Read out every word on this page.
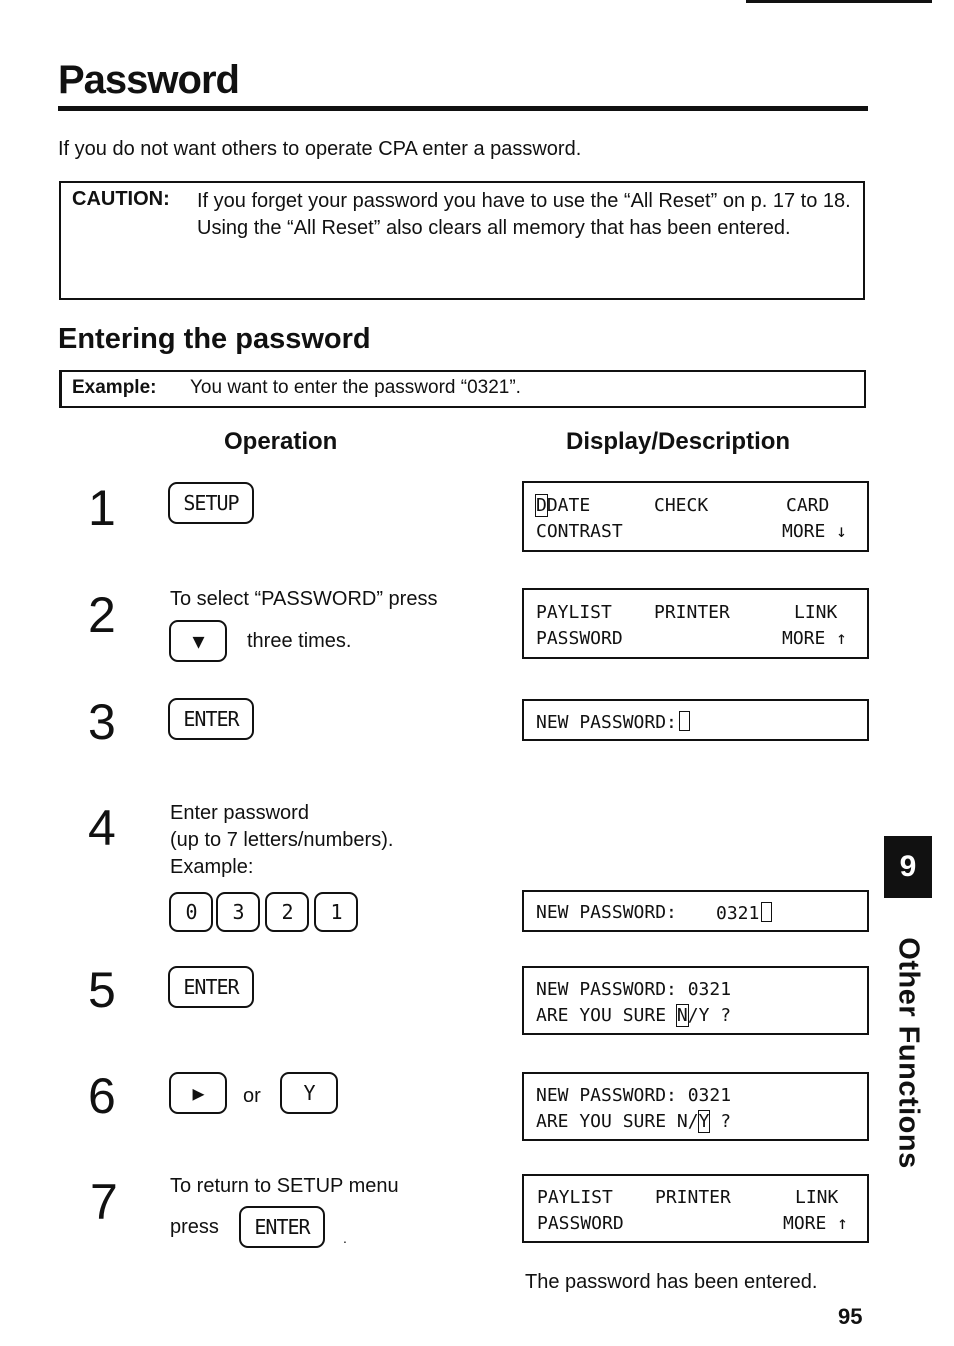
Password
If you do not want others to operate CPA enter a password.
CAUTION: If you forget your password you have to use the “All Reset” on p. 17 to 18. Using the “All Reset” also clears all memory that has been entered.
Entering the password
Example: You want to enter the password “0321”.
Operation	Display/Description
1	SETUP	DDATE	CHECK	CARD
CONTRAST	MORE ↓
2	To select “PASSWORD” press
▼	three times.
PAYLIST PRINTER	LINK
PASSWORD	MORE ↑
3	ENTER	NEW PASSWORD:
4	Enter password
(up to 7 letters/numbers).
Example:
0	3	2	1	NEW PASSWORD: 0321
5	ENTER	NEW PASSWORD: 0321
ARE YOU SURE N/Y ?
6	▶	or	Y	NEW PASSWORD: 0321
ARE YOU SURE N/Y ?
7	To return to SETUP menu
press	ENTER	.
PAYLIST PRINTER	LINK
PASSWORD	MORE ↑
The password has been entered.
95
9
Other Functions
